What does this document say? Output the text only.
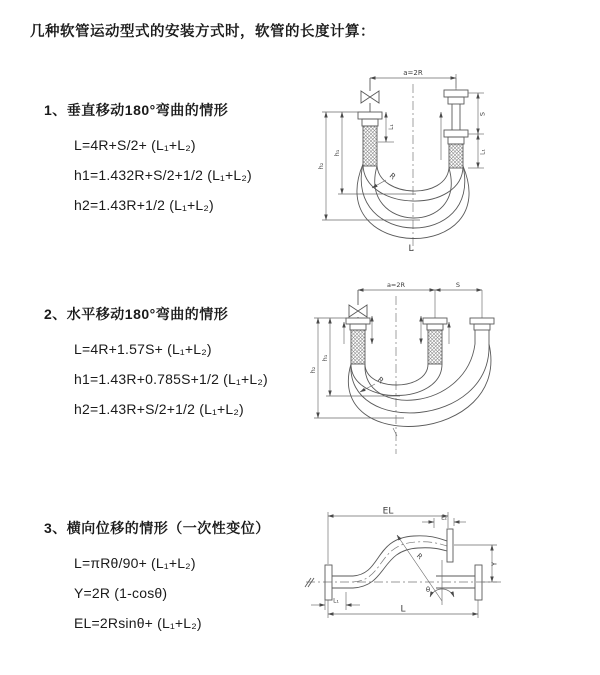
几种软管运动型式的安装方式时，软管的长度计算：
1、垂直移动180°弯曲的情形
L=4R+S/2+ (L₁+L₂)
h1=1.432R+S/2+1/2 (L₁+L₂)
h2=1.43R+1/2 (L₁+L₂)
2、水平移动180°弯曲的情形
L=4R+1.57S+ (L₁+L₂)
h1=1.43R+0.785S+1/2 (L₁+L₂)
h2=1.43R+S/2+1/2 (L₁+L₂)
3、横向位移的情形（一次性变位）
L=πRθ/90+ (L₁+L₂)
Y=2R (1-cosθ)
EL=2Rsinθ+ (L₁+L₂)
a=2R
L₁
h₁
h₂
S
L₁
R
L
a=2R	S
h₁
h₂
R
L₁
L₂
EL
Y
R
θ
L
